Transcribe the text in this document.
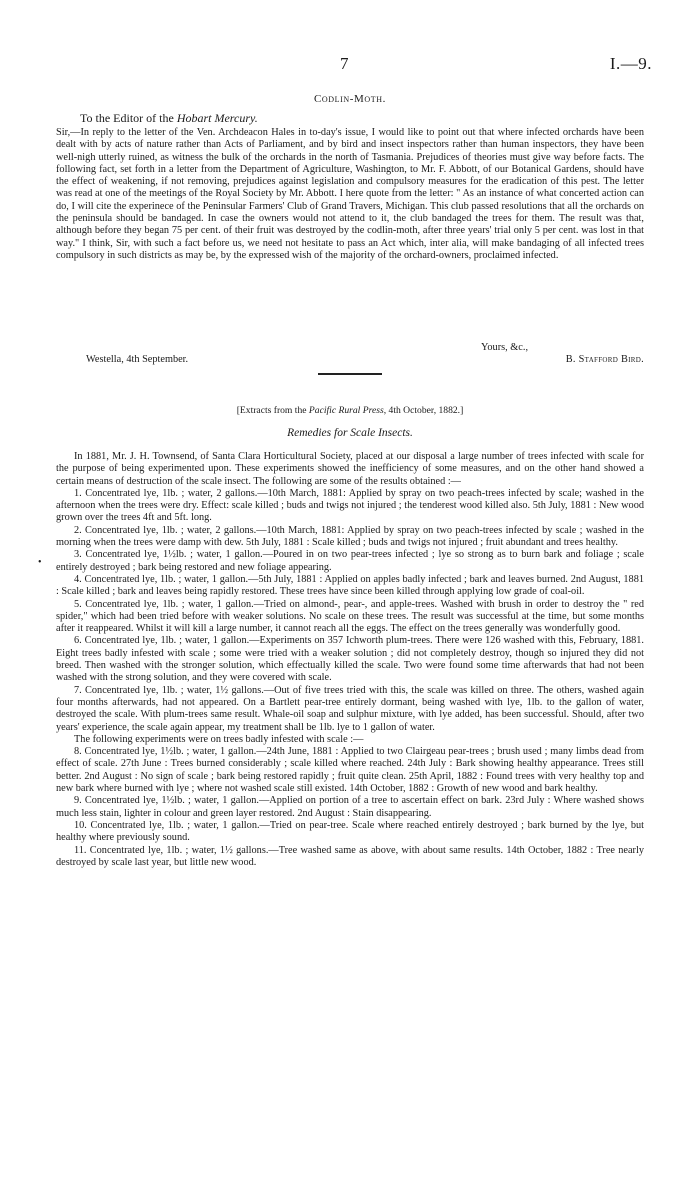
7	I.—9.
Codlin-Moth.
To the Editor of the Hobart Mercury.

Sir,—In reply to the letter of the Ven. Archdeacon Hales in to-day's issue, I would like to point out that where infected orchards have been dealt with by acts of nature rather than Acts of Parliament, and by bird and insect inspectors rather than human inspectors, they have been well-nigh utterly ruined, as witness the bulk of the orchards in the north of Tasmania. Prejudices of theories must give way before facts. The following fact, set forth in a letter from the Department of Agriculture, Washington, to Mr. F. Abbott, of our Botanical Gardens, should have the effect of weakening, if not removing, prejudices against legislation and compulsory measures for the eradication of this pest. The letter was read at one of the meetings of the Royal Society by Mr. Abbott. I here quote from the letter: " As an instance of what concerted action can do, I will cite the experinece of the Peninsular Farmers' Club of Grand Travers, Michigan. This club passed resolutions that all the orchards on the peninsula should be bandaged. In case the owners would not attend to it, the club bandaged the trees for them. The result was that, although before they began 75 per cent. of their fruit was destroyed by the codlin-moth, after three years' trial only 5 per cent. was lost in that way." I think, Sir, with such a fact before us, we need not hesitate to pass an Act which, inter alia, will make bandaging of all infected trees compulsory in such districts as may be, by the expressed wish of the majority of the orchard-owners, proclaimed infected.

Yours, &c.,
Westella, 4th September.	B. Stafford Bird.
[Extracts from the Pacific Rural Press, 4th October, 1882.]
Remedies for Scale Insects.
•

In 1881, Mr. J. H. Townsend, of Santa Clara Horticultural Society, placed at our disposal a large number of trees infected with scale for the purpose of being experimented upon. These experiments showed the inefficiency of some measures, and on the other hand showed a certain means of destruction of the scale insect. The following are some of the results obtained :—

1. Concentrated lye, 1lb. ; water, 2 gallons.—10th March, 1881: Applied by spray on two peach-trees infected by scale; washed in the afternoon when the trees were dry. Effect: scale killed ; buds and twigs not injured ; the tenderest wood killed also. 5th July, 1881 : New wood grown over the trees 4ft and 5ft. long.

2. Concentrated lye, 1lb. ; water, 2 gallons.—10th March, 1881: Applied by spray on two peach-trees infected by scale ; washed in the morning when the trees were damp with dew. 5th July, 1881 : Scale killed ; buds and twigs not injured ; fruit abundant and trees healthy.

3. Concentrated lye, 1½lb. ; water, 1 gallon.—Poured in on two pear-trees infected ; lye so strong as to burn bark and foliage ; scale entirely destroyed ; bark being restored and new foliage appearing.

4. Concentrated lye, 1lb. ; water, 1 gallon.—5th July, 1881 : Applied on apples badly infected ; bark and leaves burned. 2nd August, 1881 : Scale killed ; bark and leaves being rapidly restored. These trees have since been killed through applying low grade of coal-oil.

5. Concentrated lye, 1lb. ; water, 1 gallon.—Tried on almond-, pear-, and apple-trees. Washed with brush in order to destroy the " red spider," which had been tried before with weaker solutions. No scale on these trees. The result was successful at the time, but some months after it reappeared. Whilst it will kill a large number, it cannot reach all the eggs. The effect on the trees generally was wonderfully good.

6. Concentrated lye, 1lb. ; water, 1 gallon.—Experiments on 357 Ichworth plum-trees. There were 126 washed with this, February, 1881. Eight trees badly infested with scale ; some were tried with a weaker solution ; did not completely destroy, though so injured they did not breed. Then washed with the stronger solution, which effectually killed the scale. Two were found some time afterwards that had not been washed with the strong solution, and they were covered with scale.

7. Concentrated lye, 1lb. ; water, 1½ gallons.—Out of five trees tried with this, the scale was killed on three. The others, washed again four months afterwards, had not appeared. On a Bartlett pear-tree entirely dormant, being washed with lye, 1lb. to the gallon of water, destroyed the scale. With plum-trees same result. Whale-oil soap and sulphur mixture, with lye added, has been successful. Should, after two years' experience, the scale again appear, my treatment shall be 1lb. lye to 1 gallon of water.

The following experiments were on trees badly infested with scale :—

8. Concentrated lye, 1½lb. ; water, 1 gallon.—24th June, 1881 : Applied to two Clairgeau pear-trees ; brush used ; many limbs dead from effect of scale. 27th June : Trees burned considerably ; scale killed where reached. 24th July : Bark showing healthy appearance. Trees still better. 2nd August : No sign of scale ; bark being restored rapidly ; fruit quite clean. 25th April, 1882 : Found trees with very healthy top and new bark where burned with lye ; where not washed scale still existed. 14th October, 1882 : Growth of new wood and bark healthy.

9. Concentrated lye, 1½lb. ; water, 1 gallon.—Applied on portion of a tree to ascertain effect on bark. 23rd July : Where washed shows much less stain, lighter in colour and green layer restored. 2nd August : Stain disappearing.

10. Concentrated lye, 1lb. ; water, 1 gallon.—Tried on pear-tree. Scale where reached entirely destroyed ; bark burned by the lye, but healthy where previously sound.

11. Concentrated lye, 1lb. ; water, 1½ gallons.—Tree washed same as above, with about same results. 14th October, 1882 : Tree nearly destroyed by scale last year, but little new wood.
